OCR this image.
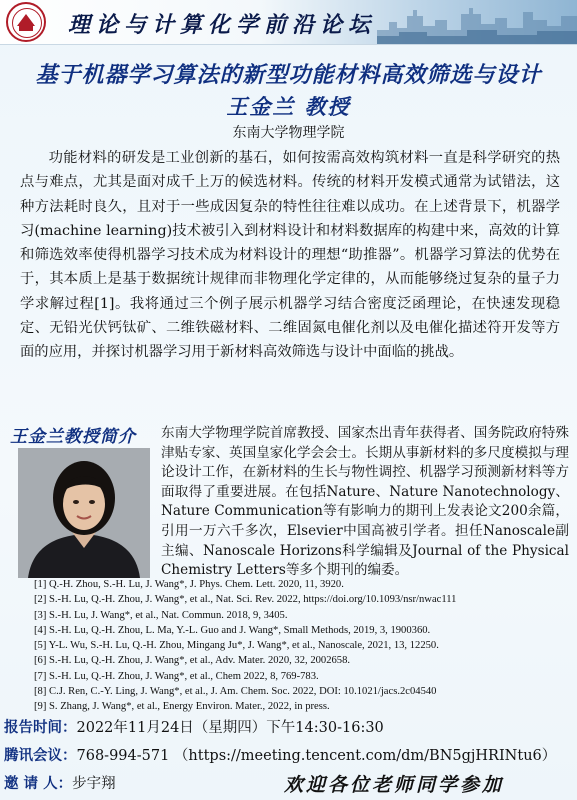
理论与计算化学前沿论坛
基于机器学习算法的新型功能材料高效筛选与设计
王金兰 教授
东南大学物理学院

功能材料的研发是工业创新的基石，如何按需高效构筑材料一直是科学研究的热点与难点，尤其是面对成千上万的候选材料。传统的材料开发模式通常为试错法，这种方法耗时良久，且对于一些成因复杂的特性往往难以成功。在上述背景下，机器学习(machine learning)技术被引入到材料设计和材料数据库的构建中来，高效的计算和筛选效率使得机器学习技术成为材料设计的理想“助推器”。机器学习算法的优势在于，其本质上是基于数据统计规律而非物理化学定律的，从而能够绕过复杂的量子力学求解过程[1]。我将通过三个例子展示机器学习结合密度泛函理论，在快速发现稳定、无铅光伏钙钛矿、二维铁磁材料、二维固氮电催化剂以及电催化描述符开发等方面的应用，并探讨机器学习用于新材料高效筛选与设计中面临的挑战。

王金兰教授简介 东南大学物理学院首席教授、国家杰出青年获得者、国务院政府特殊津贴专家、英国皇家化学会会士。长期从事新材料的多尺度模拟与理论设计工作，在新材料的生长与物性调控、机器学习预测新材料等方面取得了重要进展。在包括Nature、Nature Nanotechnology、Nature Communication等有影响力的期刊上发表论文200余篇，引用一万六千多次，Elsevier中国高被引学者。担任Nanoscale副主编、Nanoscale Horizons科学编辑及Journal of the Physical Chemistry Letters等多个期刊的编委。

[1] Q.-H. Zhou, S.-H. Lu, J. Wang*, J. Phys. Chem. Lett. 2020, 11, 3920.
[2] S.-H. Lu, Q.-H. Zhou, J. Wang*, et al., Nat. Sci. Rev. 2022, https://doi.org/10.1093/nsr/nwac111
[3] S.-H. Lu, J. Wang*, et al., Nat. Commun. 2018, 9, 3405.
[4] S.-H. Lu, Q.-H. Zhou, L. Ma, Y.-L. Guo and J. Wang*, Small Methods, 2019, 3, 1900360.
[5] Y-L. Wu, S.-H. Lu, Q.-H. Zhou, Mingang Ju*, J. Wang*, et al., Nanoscale, 2021, 13, 12250.
[6] S.-H. Lu, Q.-H. Zhou, J. Wang*, et al., Adv. Mater. 2020, 32, 2002658.
[7] S.-H. Lu, Q.-H. Zhou, J. Wang*, et al., Chem 2022, 8, 769-783.
[8] C.J. Ren, C.-Y. Ling, J. Wang*, et al., J. Am. Chem. Soc. 2022, DOI: 10.1021/jacs.2c04540
[9] S. Zhang, J. Wang*, et al., Energy Environ. Mater., 2022, in press.
报告时间：2022年11月24日（星期四）下午14:30-16:30
腾讯会议：768-994-571 （https://meeting.tencent.com/dm/BN5gjHRINtu6）
邀 请 人：步宇翔	欢迎各位老师同学参加
